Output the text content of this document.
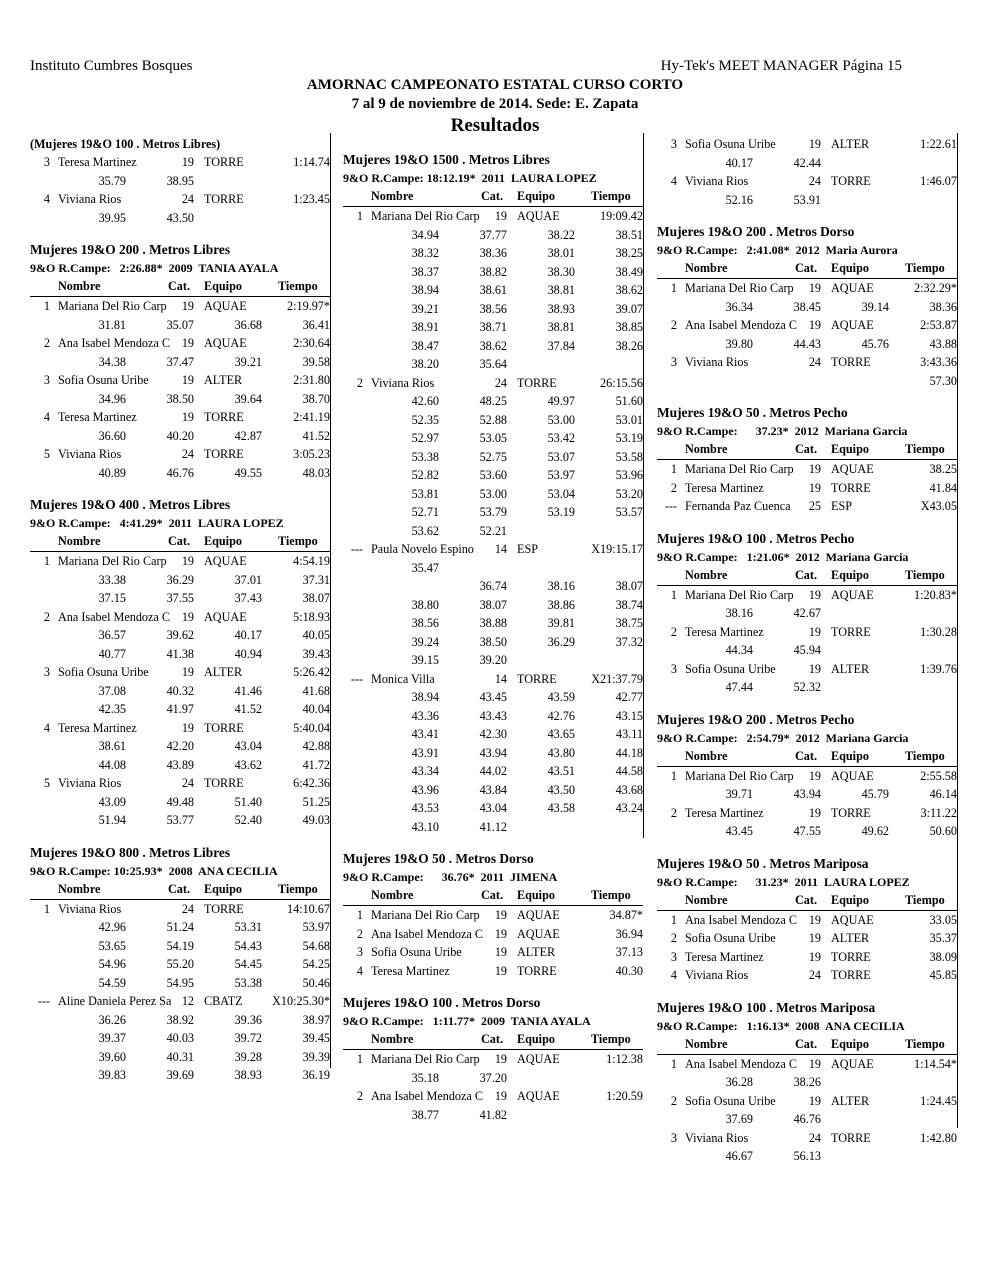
Instituto Cumbres Bosques	Hy-Tek's MEET MANAGER Página 15
AMORNAC CAMPEONATO ESTATAL CURSO CORTO
7 al 9 de noviembre de 2014. Sede: E. Zapata
Resultados
(Mujeres 19&O 100 . Metros Libres)
3 Teresa Martinez	19 TORRE	1:14.74
35.79	38.95
4 Viviana Rios	24 TORRE	1:23.45
39.95	43.50
Mujeres 19&O 200 . Metros Libres
9&O R.Campe:   2:26.88*  2009  TANIA AYALA
Nombre	Cat. Equipo	Tiempo
1 Mariana Del Rio Carp	19 AQUAE	2:19.97*
31.81	35.07	36.68	36.41
2 Ana Isabel Mendoza C 19 AQUAE	2:30.64
34.38	37.47	39.21	39.58
3 Sofia Osuna Uribe	19 ALTER	2:31.80
34.96	38.50	39.64	38.70
4 Teresa Martinez	19 TORRE	2:41.19
36.60	40.20	42.87	41.52
5 Viviana Rios	24 TORRE	3:05.23
40.89	46.76	49.55	48.03
Mujeres 19&O 400 . Metros Libres
9&O R.Campe:   4:41.29*  2011  LAURA LOPEZ
Nombre	Cat. Equipo	Tiempo
1 Mariana Del Rio Carp	19 AQUAE	4:54.19
33.38	36.29	37.01	37.31
37.15	37.55	37.43	38.07
2 Ana Isabel Mendoza C 19 AQUAE	5:18.93
36.57	39.62	40.17	40.05
40.77	41.38	40.94	39.43
3 Sofia Osuna Uribe	19 ALTER	5:26.42
37.08	40.32	41.46	41.68
42.35	41.97	41.52	40.04
4 Teresa Martinez	19 TORRE	5:40.04
38.61	42.20	43.04	42.88
44.08	43.89	43.62	41.72
5 Viviana Rios	24 TORRE	6:42.36
43.09	49.48	51.40	51.25
51.94	53.77	52.40	49.03
Mujeres 19&O 800 . Metros Libres
9&O R.Campe: 10:25.93*  2008  ANA CECILIA
Nombre	Cat. Equipo	Tiempo
1 Viviana Rios	24 TORRE	14:10.67
42.96	51.24	53.31	53.97
53.65	54.19	54.43	54.68
54.96	55.20	54.45	54.25
54.59	54.95	53.38	50.46
--- Aline Daniela Perez Sa 12 CBATZ	X10:25.30*
36.26	38.92	39.36	38.97
39.37	40.03	39.72	39.45
39.60	40.31	39.28	39.39
39.83	39.69	38.93	36.19
Mujeres 19&O 1500 . Metros Libres
9&O R.Campe: 18:12.19*  2011  LAURA LOPEZ
Nombre	Cat. Equipo	Tiempo
1 Mariana Del Rio Carp	19 AQUAE	19:09.42
34.94	37.77	38.22	38.51
38.32	38.36	38.01	38.25
38.37	38.82	38.30	38.49
38.94	38.61	38.81	38.62
39.21	38.56	38.93	39.07
38.91	38.71	38.81	38.85
38.47	38.62	37.84	38.26
38.20	35.64
2 Viviana Rios	24 TORRE	26:15.56
42.60	48.25	49.97	51.60
52.35	52.88	53.00	53.01
52.97	53.05	53.42	53.19
53.38	52.75	53.07	53.58
52.82	53.60	53.97	53.96
53.81	53.00	53.04	53.20
52.71	53.79	53.19	53.57
53.62	52.21
--- Paula Novelo Espino	14 ESP	X19:15.17
35.47
36.74	38.16	38.07
38.80	38.07	38.86	38.74
38.56	38.88	39.81	38.75
39.24	38.50	36.29	37.32
39.15	39.20
--- Monica Villa	14 TORRE	X21:37.79
38.94	43.45	43.59	42.77
43.36	43.43	42.76	43.15
43.41	42.30	43.65	43.11
43.91	43.94	43.80	44.18
43.34	44.02	43.51	44.58
43.96	43.84	43.50	43.68
43.53	43.04	43.58	43.24
43.10	41.12
Mujeres 19&O 50 . Metros Dorso
9&O R.Campe:      36.76*  2011  JIMENA
Nombre	Cat. Equipo	Tiempo
1 Mariana Del Rio Carp	19 AQUAE	34.87*
2 Ana Isabel Mendoza C 19 AQUAE	36.94
3 Sofia Osuna Uribe	19 ALTER	37.13
4 Teresa Martinez	19 TORRE	40.30
Mujeres 19&O 100 . Metros Dorso
9&O R.Campe:   1:11.77*  2009  TANIA AYALA
Nombre	Cat. Equipo	Tiempo
1 Mariana Del Rio Carp	19 AQUAE	1:12.38
35.18	37.20
2 Ana Isabel Mendoza C 19 AQUAE	1:20.59
38.77	41.82
3 Sofia Osuna Uribe	19 ALTER	1:22.61
40.17	42.44
4 Viviana Rios	24 TORRE	1:46.07
52.16	53.91
Mujeres 19&O 200 . Metros Dorso
9&O R.Campe:   2:41.08*  2012  Maria Aurora
Nombre	Cat. Equipo	Tiempo
1 Mariana Del Rio Carp	19 AQUAE	2:32.29*
36.34	38.45	39.14	38.36
2 Ana Isabel Mendoza C 19 AQUAE	2:53.87
39.80	44.43	45.76	43.88
3 Viviana Rios	24 TORRE	3:43.36
57.30
Mujeres 19&O 50 . Metros Pecho
9&O R.Campe:      37.23*  2012  Mariana Garcia
Nombre	Cat. Equipo	Tiempo
1 Mariana Del Rio Carp	19 AQUAE	38.25
2 Teresa Martinez	19 TORRE	41.84
--- Fernanda Paz Cuenca	25 ESP	X43.05
Mujeres 19&O 100 . Metros Pecho
9&O R.Campe:   1:21.06*  2012  Mariana Garcia
Nombre	Cat. Equipo	Tiempo
1 Mariana Del Rio Carp	19 AQUAE	1:20.83*
38.16	42.67
2 Teresa Martinez	19 TORRE	1:30.28
44.34	45.94
3 Sofia Osuna Uribe	19 ALTER	1:39.76
47.44	52.32
Mujeres 19&O 200 . Metros Pecho
9&O R.Campe:   2:54.79*  2012  Mariana Garcia
Nombre	Cat. Equipo	Tiempo
1 Mariana Del Rio Carp	19 AQUAE	2:55.58
39.71	43.94	45.79	46.14
2 Teresa Martinez	19 TORRE	3:11.22
43.45	47.55	49.62	50.60
Mujeres 19&O 50 . Metros Mariposa
9&O R.Campe:      31.23*  2011  LAURA LOPEZ
Nombre	Cat. Equipo	Tiempo
1 Ana Isabel Mendoza C 19 AQUAE	33.05
2 Sofia Osuna Uribe	19 ALTER	35.37
3 Teresa Martinez	19 TORRE	38.09
4 Viviana Rios	24 TORRE	45.85
Mujeres 19&O 100 . Metros Mariposa
9&O R.Campe:   1:16.13*  2008  ANA CECILIA
Nombre	Cat. Equipo	Tiempo
1 Ana Isabel Mendoza C 19 AQUAE	1:14.54*
36.28	38.26
2 Sofia Osuna Uribe	19 ALTER	1:24.45
37.69	46.76
3 Viviana Rios	24 TORRE	1:42.80
46.67	56.13
